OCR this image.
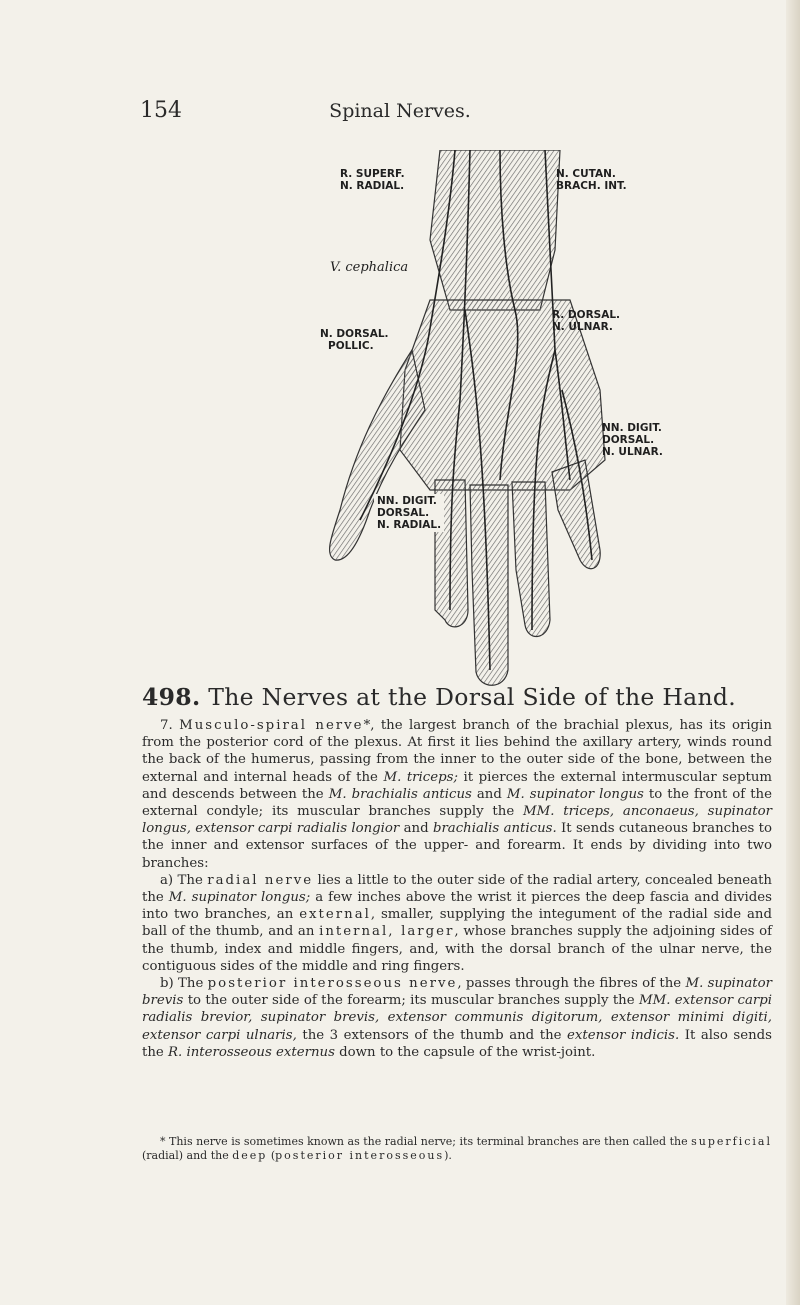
154	Spinal Nerves.
R. SUPERF.
N. RADIAL.
N. CUTAN.
BRACH. INT.
V. cephalica
R. DORSAL.
N. ULNAR.
N. DORSAL.
POLLIC.
NN. DIGIT.
DORSAL.
N. ULNAR.
NN. DIGIT.
DORSAL.
N. RADIAL.
498. The Nerves at the Dorsal Side of the Hand.

7. Musculo-spiral nerve*, the largest branch of the brachial plexus, has its origin from the posterior cord of the plexus. At first it lies behind the axillary artery, winds round the back of the humerus, passing from the inner to the outer side of the bone, between the external and internal heads of the M. triceps; it pierces the external intermuscular septum and descends between the M. brachialis anticus and M. supinator longus to the front of the external condyle; its muscular branches supply the MM. triceps, anconaeus, supinator longus, extensor carpi radialis longior and brachialis anticus. It sends cutaneous branches to the inner and extensor surfaces of the upper- and forearm. It ends by dividing into two branches:

a) The radial nerve lies a little to the outer side of the radial artery, concealed beneath the M. supinator longus; a few inches above the wrist it pierces the deep fascia and divides into two branches, an external, smaller, supplying the integument of the radial side and ball of the thumb, and an internal, larger, whose branches supply the adjoining sides of the thumb, index and middle fingers, and, with the dorsal branch of the ulnar nerve, the contiguous sides of the middle and ring fingers.

b) The posterior interosseous nerve, passes through the fibres of the M. supinator brevis to the outer side of the forearm; its muscular branches supply the MM. extensor carpi radialis brevior, supinator brevis, extensor communis digitorum, extensor minimi digiti, extensor carpi ulnaris, the 3 extensors of the thumb and the extensor indicis. It also sends the R. interosseous externus down to the capsule of the wrist-joint.

* This nerve is sometimes known as the radial nerve; its terminal branches are then called the superficial (radial) and the deep (posterior interosseous).
